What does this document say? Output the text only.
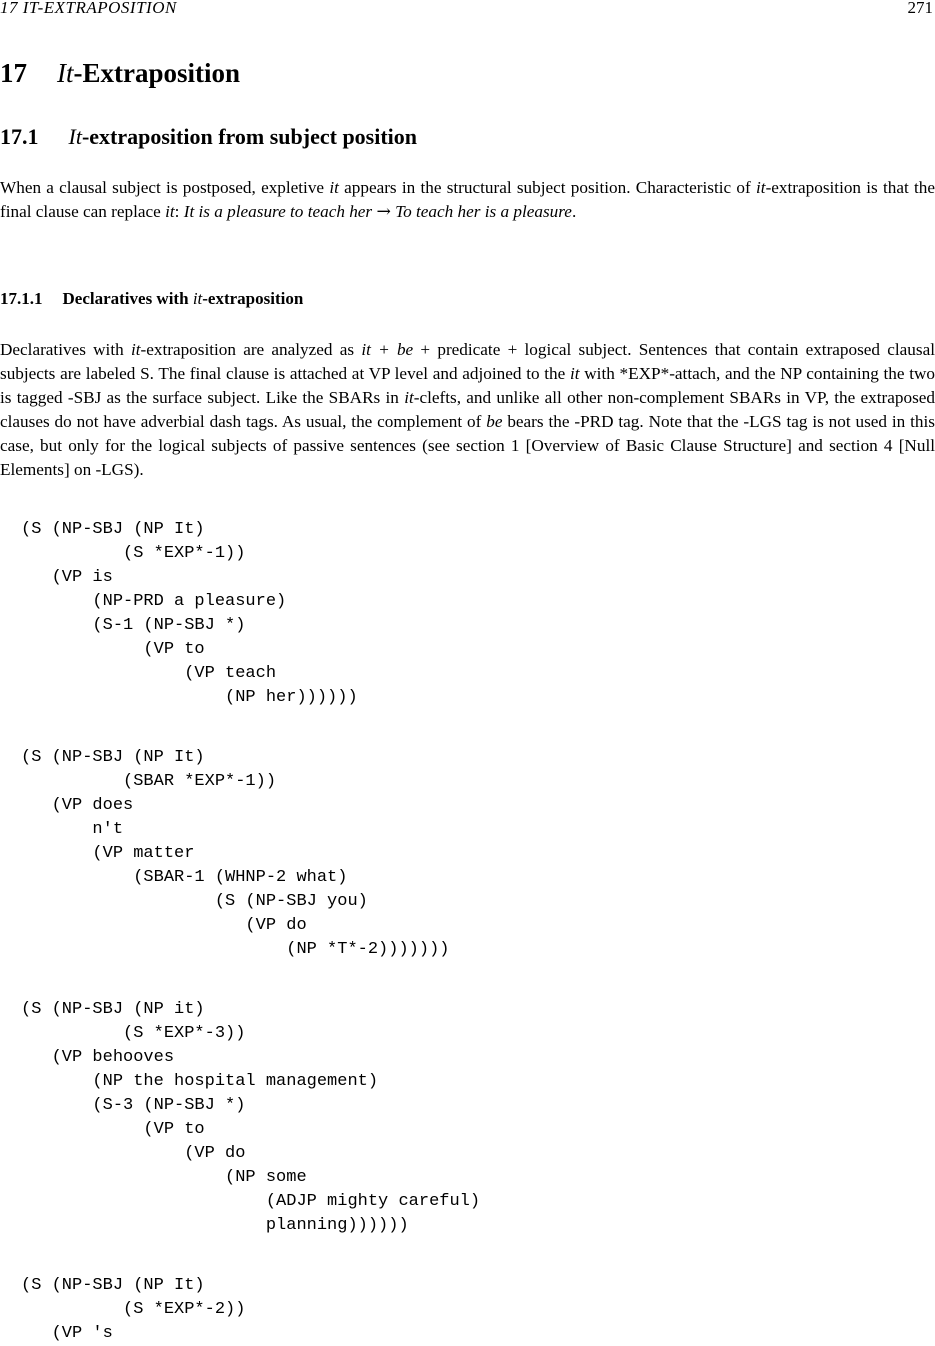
17 IT-EXTRAPOSITION	271
17 It-Extraposition
17.1 It-extraposition from subject position

When a clausal subject is postposed, expletive it appears in the structural subject position. Characteristic of it-extraposition is that the final clause can replace it: It is a pleasure to teach her → To teach her is a pleasure.

17.1.1 Declaratives with it-extraposition

Declaratives with it-extraposition are analyzed as it + be + predicate + logical subject. Sentences that contain extraposed clausal subjects are labeled S. The final clause is attached at VP level and adjoined to the it with *EXP*-attach, and the NP containing the two is tagged -SBJ as the surface subject. Like the SBARs in it-clefts, and unlike all other non-complement SBARs in VP, the extraposed clauses do not have adverbial dash tags. As usual, the complement of be bears the -PRD tag. Note that the -LGS tag is not used in this case, but only for the logical subjects of passive sentences (see section 1 [Overview of Basic Clause Structure] and section 4 [Null Elements] on -LGS).

(S (NP-SBJ (NP It)
(S *EXP*-1))
(VP is
(NP-PRD a pleasure)
(S-1 (NP-SBJ *)
(VP to
(VP teach
(NP her))))))
(S (NP-SBJ (NP It)
(SBAR *EXP*-1))
(VP does
n't
(VP matter
(SBAR-1 (WHNP-2 what)
(S (NP-SBJ you)
(VP do
(NP *T*-2)))))))
(S (NP-SBJ (NP it)
(S *EXP*-3))
(VP behooves
(NP the hospital management)
(S-3 (NP-SBJ *)
(VP to
(VP do
(NP some
(ADJP mighty careful)
planning))))))
(S (NP-SBJ (NP It)
(S *EXP*-2))
(VP 's
